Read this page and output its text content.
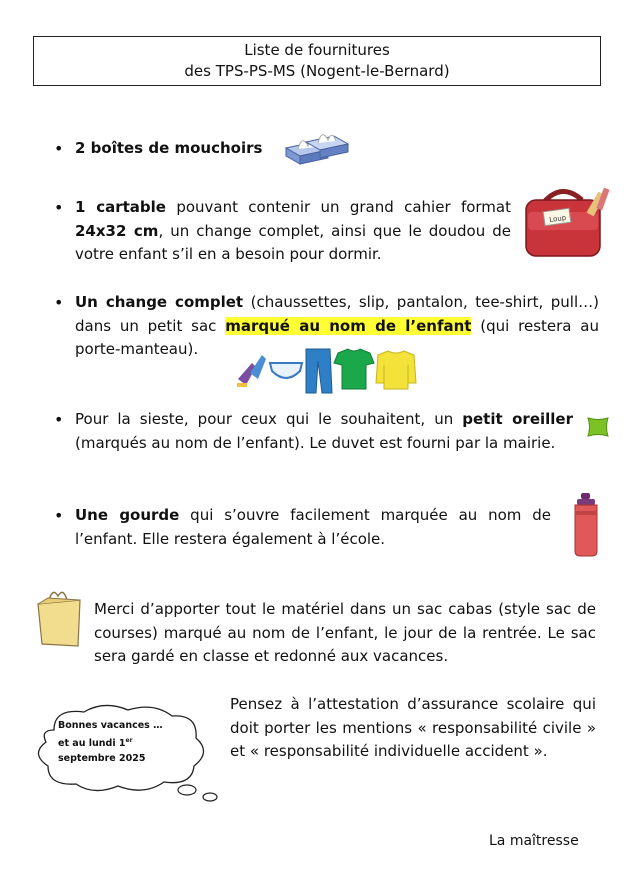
Liste de fournitures
des TPS-PS-MS (Nogent-le-Bernard)
• 2 boîtes de mouchoirs
• 1 cartable pouvant contenir un grand cahier format 24x32 cm, un change complet, ainsi que le doudou de votre enfant s’il en a besoin pour dormir.
Loup
• Un change complet (chaussettes, slip, pantalon, tee-shirt, pull…) dans un petit sac marqué au nom de l’enfant (qui restera au porte-manteau).
• Pour la sieste, pour ceux qui le souhaitent, un petit oreiller (marqués au nom de l’enfant). Le duvet est fourni par la mairie.
• Une gourde qui s’ouvre facilement marquée au nom de l’enfant. Elle restera également à l’école.
Merci d’apporter tout le matériel dans un sac cabas (style sac de courses) marqué au nom de l’enfant, le jour de la rentrée. Le sac sera gardé en classe et redonné aux vacances.
Bonnes vacances …
et au lundi 1er
septembre 2025
Pensez à l’attestation d’assurance scolaire qui doit porter les mentions « responsabilité civile » et « responsabilité individuelle accident ».
La maîtresse
